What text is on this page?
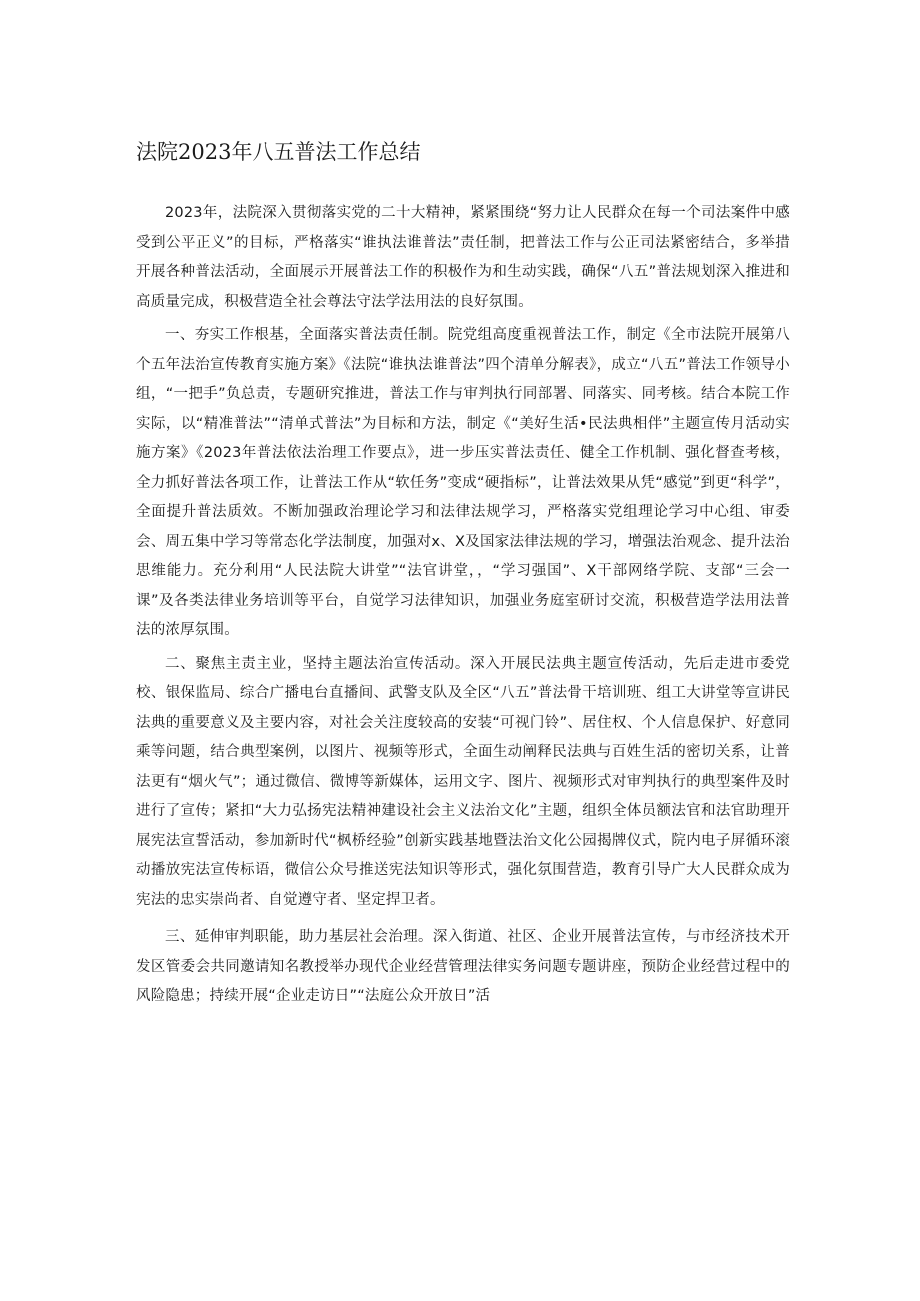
法院2023年八五普法工作总结

2023年，法院深入贯彻落实党的二十大精神，紧紧围绕“努力让人民群众在每一个司法案件中感受到公平正义”的目标，严格落实“谁执法谁普法”责任制，把普法工作与公正司法紧密结合，多举措开展各种普法活动，全面展示开展普法工作的积极作为和生动实践，确保“八五”普法规划深入推进和高质量完成，积极营造全社会尊法守法学法用法的良好氛围。

一、夯实工作根基，全面落实普法责任制。院党组高度重视普法工作，制定《全市法院开展第八个五年法治宣传教育实施方案》《法院“谁执法谁普法”四个清单分解表》，成立“八五”普法工作领导小组，“一把手”负总责，专题研究推进，普法工作与审判执行同部署、同落实、同考核。结合本院工作实际，以“精准普法”“清单式普法”为目标和方法，制定《“美好生活•民法典相伴”主题宣传月活动实施方案》《2023年普法依法治理工作要点》，进一步压实普法责任、健全工作机制、强化督查考核，全力抓好普法各项工作，让普法工作从“软任务”变成“硬指标”，让普法效果从凭“感觉”到更“科学”，全面提升普法质效。不断加强政治理论学习和法律法规学习，严格落实党组理论学习中心组、审委会、周五集中学习等常态化学法制度，加强对x、X及国家法律法规的学习，增强法治观念、提升法治思维能力。充分利用“人民法院大讲堂”“法官讲堂，，“学习强国”、X干部网络学院、支部“三会一课”及各类法律业务培训等平台，自觉学习法律知识，加强业务庭室研讨交流，积极营造学法用法普法的浓厚氛围。

二、聚焦主责主业，坚持主题法治宣传活动。深入开展民法典主题宣传活动，先后走进市委党校、银保监局、综合广播电台直播间、武警支队及全区“八五”普法骨干培训班、组工大讲堂等宣讲民法典的重要意义及主要内容，对社会关注度较高的安装“可视门铃”、居住权、个人信息保护、好意同乘等问题，结合典型案例，以图片、视频等形式，全面生动阐释民法典与百姓生活的密切关系，让普法更有“烟火气”；通过微信、微博等新媒体，运用文字、图片、视频形式对审判执行的典型案件及时进行了宣传；紧扣“大力弘扬宪法精神建设社会主义法治文化”主题，组织全体员额法官和法官助理开展宪法宣誓活动，参加新时代“枫桥经验”创新实践基地暨法治文化公园揭牌仪式，院内电子屏循环滚动播放宪法宣传标语，微信公众号推送宪法知识等形式，强化氛围营造，教育引导广大人民群众成为宪法的忠实崇尚者、自觉遵守者、坚定捍卫者。

三、延伸审判职能，助力基层社会治理。深入街道、社区、企业开展普法宣传，与市经济技术开发区管委会共同邀请知名教授举办现代企业经营管理法律实务问题专题讲座，预防企业经营过程中的风险隐患；持续开展“企业走访日”“法庭公众开放日”活
